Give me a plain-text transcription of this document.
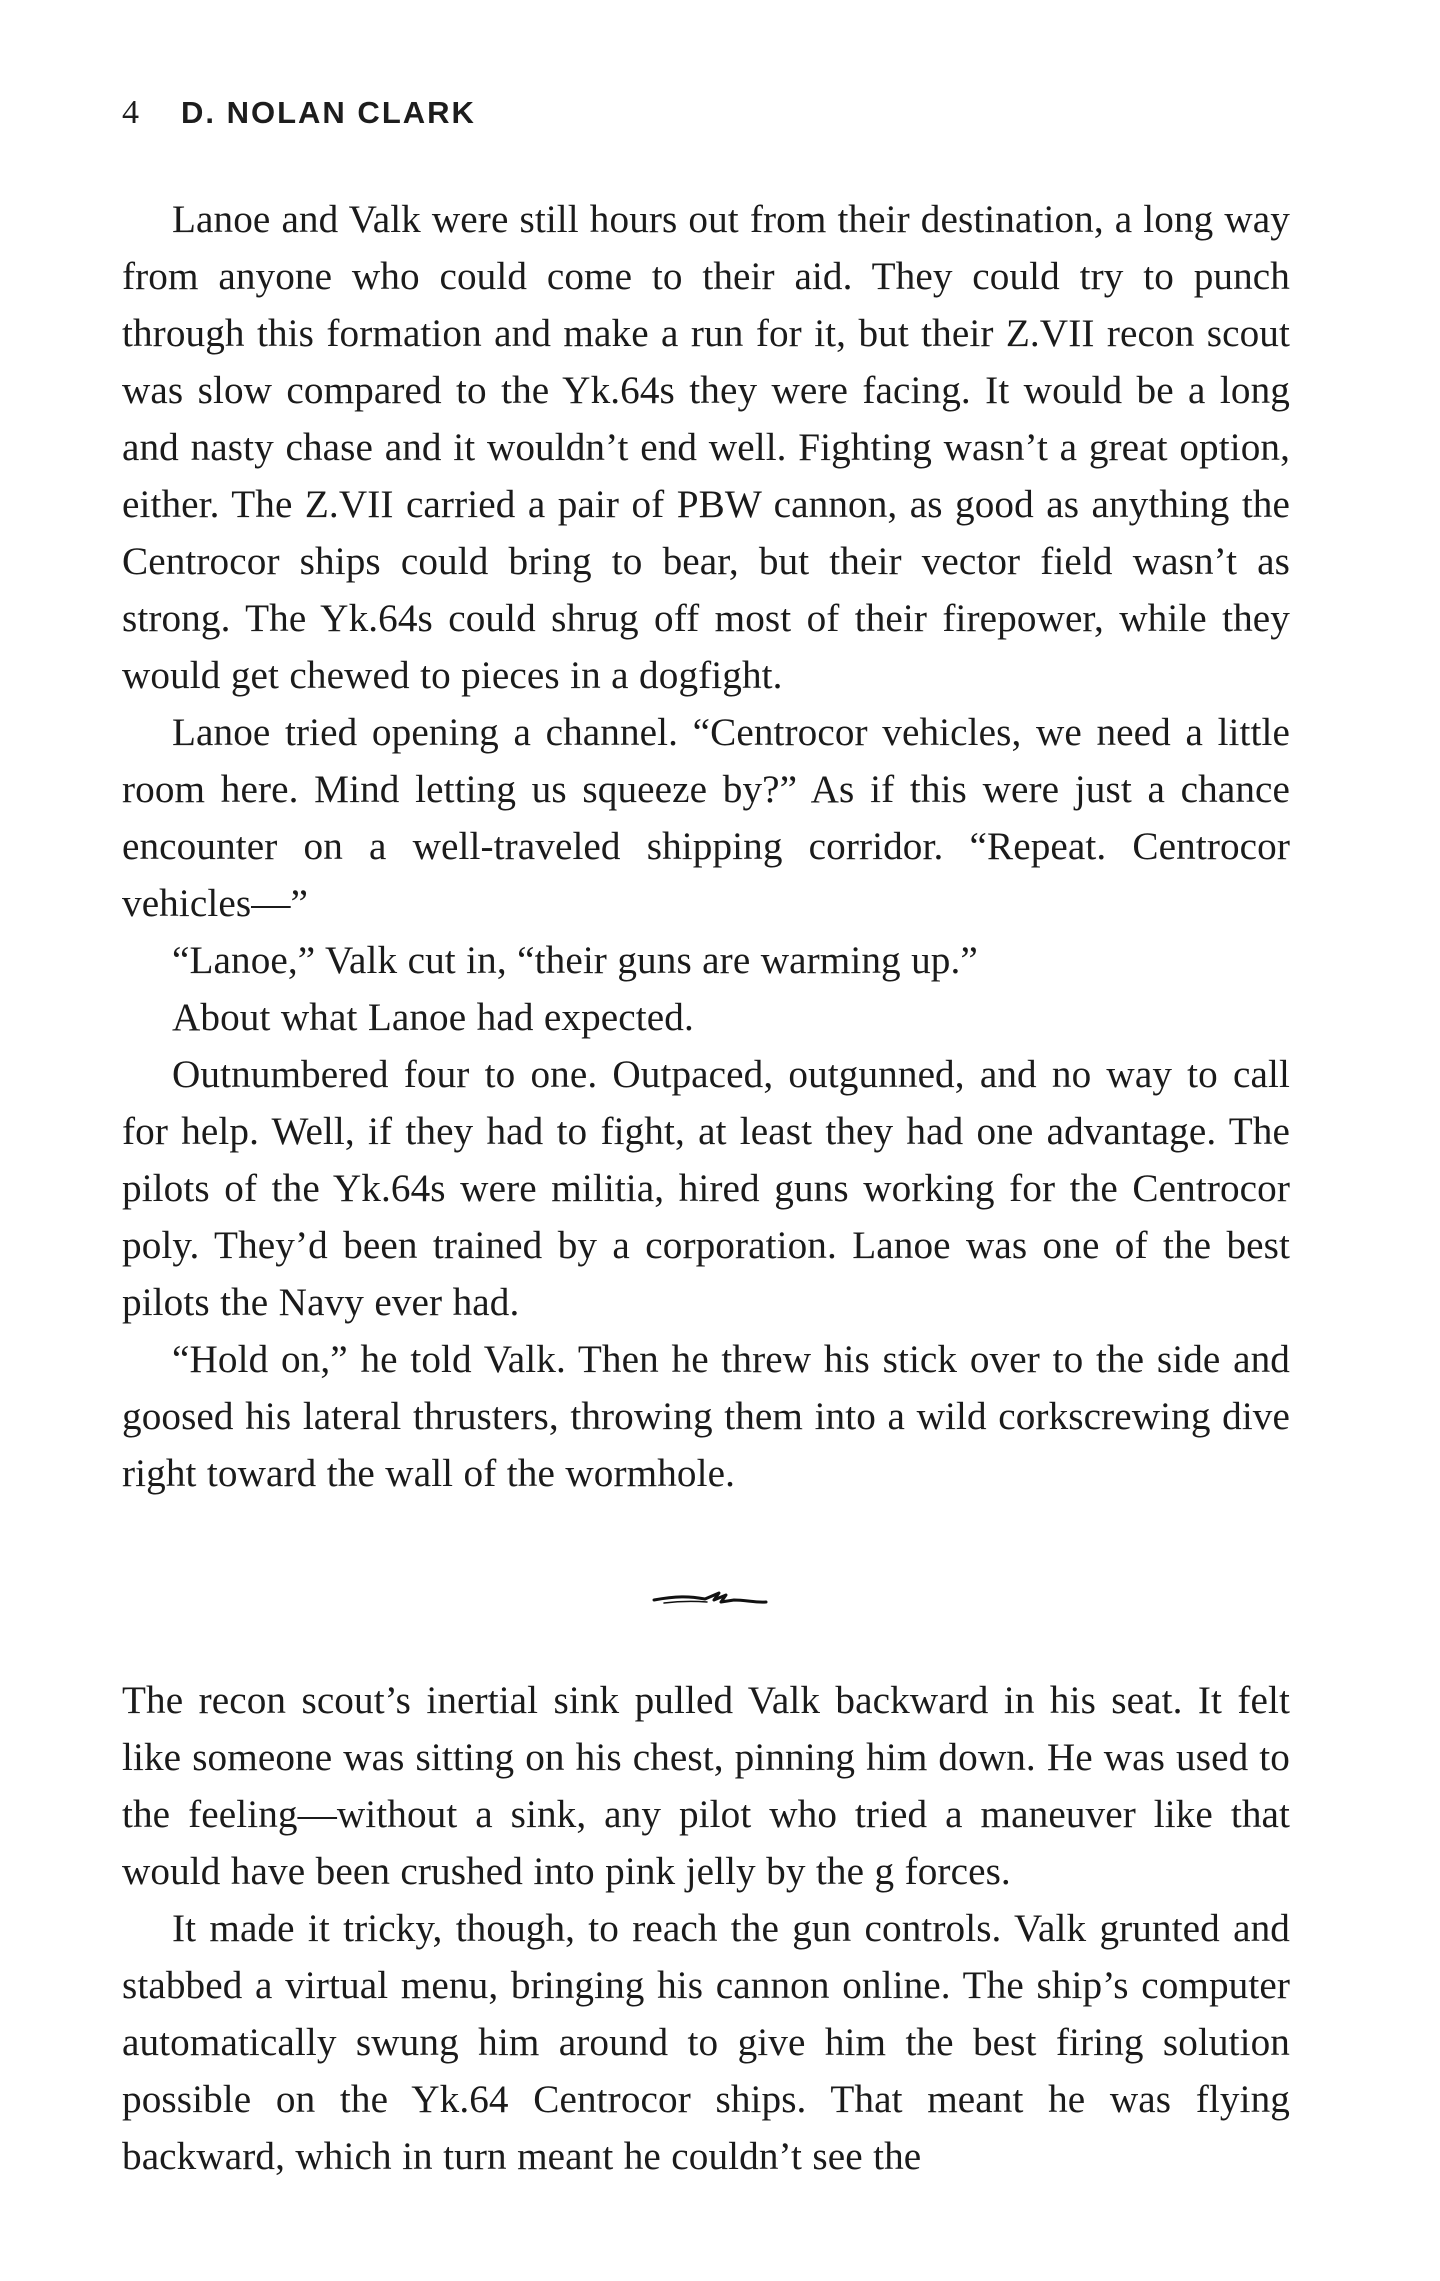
4 D. NOLAN CLARK

Lanoe and Valk were still hours out from their destination, a long way from anyone who could come to their aid. They could try to punch through this formation and make a run for it, but their Z.VII recon scout was slow compared to the Yk.64s they were facing. It would be a long and nasty chase and it wouldn’t end well. Fighting wasn’t a great option, either. The Z.VII carried a pair of PBW cannon, as good as anything the Centrocor ships could bring to bear, but their vector field wasn’t as strong. The Yk.64s could shrug off most of their firepower, while they would get chewed to pieces in a dogfight.

Lanoe tried opening a channel. “Centrocor vehicles, we need a little room here. Mind letting us squeeze by?” As if this were just a chance encounter on a well-traveled shipping corridor. “Repeat. Centrocor vehicles—”

“Lanoe,” Valk cut in, “their guns are warming up.”

About what Lanoe had expected.

Outnumbered four to one. Outpaced, outgunned, and no way to call for help. Well, if they had to fight, at least they had one advantage. The pilots of the Yk.64s were militia, hired guns working for the Centrocor poly. They’d been trained by a corporation. Lanoe was one of the best pilots the Navy ever had.

“Hold on,” he told Valk. Then he threw his stick over to the side and goosed his lateral thrusters, throwing them into a wild corkscrewing dive right toward the wall of the wormhole.

The recon scout’s inertial sink pulled Valk backward in his seat. It felt like someone was sitting on his chest, pinning him down. He was used to the feeling—without a sink, any pilot who tried a maneuver like that would have been crushed into pink jelly by the g forces.

It made it tricky, though, to reach the gun controls. Valk grunted and stabbed a virtual menu, bringing his cannon online. The ship’s computer automatically swung him around to give him the best firing solution possible on the Yk.64 Centrocor ships. That meant he was flying backward, which in turn meant he couldn’t see the
